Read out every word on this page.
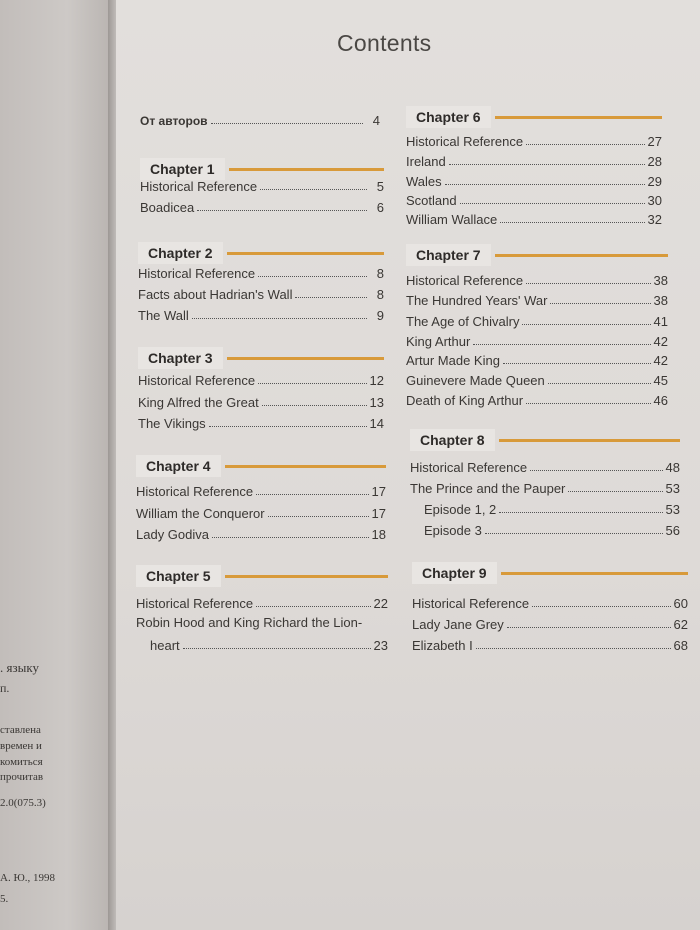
. языку
п.
ставлена
времен и
комиться
прочитав
2.0(075.3)
А. Ю., 1998
5.
Contents
От авторов	4
Chapter 1
Historical Reference	5
Boadicea	6
Chapter 2
Historical Reference	8
Facts about Hadrian's Wall	8
The Wall	9
Chapter 3
Historical Reference	12
King Alfred the Great	13
The Vikings	14
Chapter 4
Historical Reference	17
William the Conqueror	17
Lady Godiva	18
Chapter 5
Historical Reference	22
Robin Hood and King Richard the Lion-
heart	23
Chapter 6
Historical Reference	27
Ireland	28
Wales	29
Scotland	30
William Wallace	32
Chapter 7
Historical Reference	38
The Hundred Years' War	38
The Age of Chivalry	41
King Arthur	42
Artur Made King	42
Guinevere Made Queen	45
Death of King Arthur	46
Chapter 8
Historical Reference	48
The Prince and the Pauper	53
Episode 1, 2	53
Episode 3	56
Chapter 9
Historical Reference	60
Lady Jane Grey	62
Elizabeth I	68
